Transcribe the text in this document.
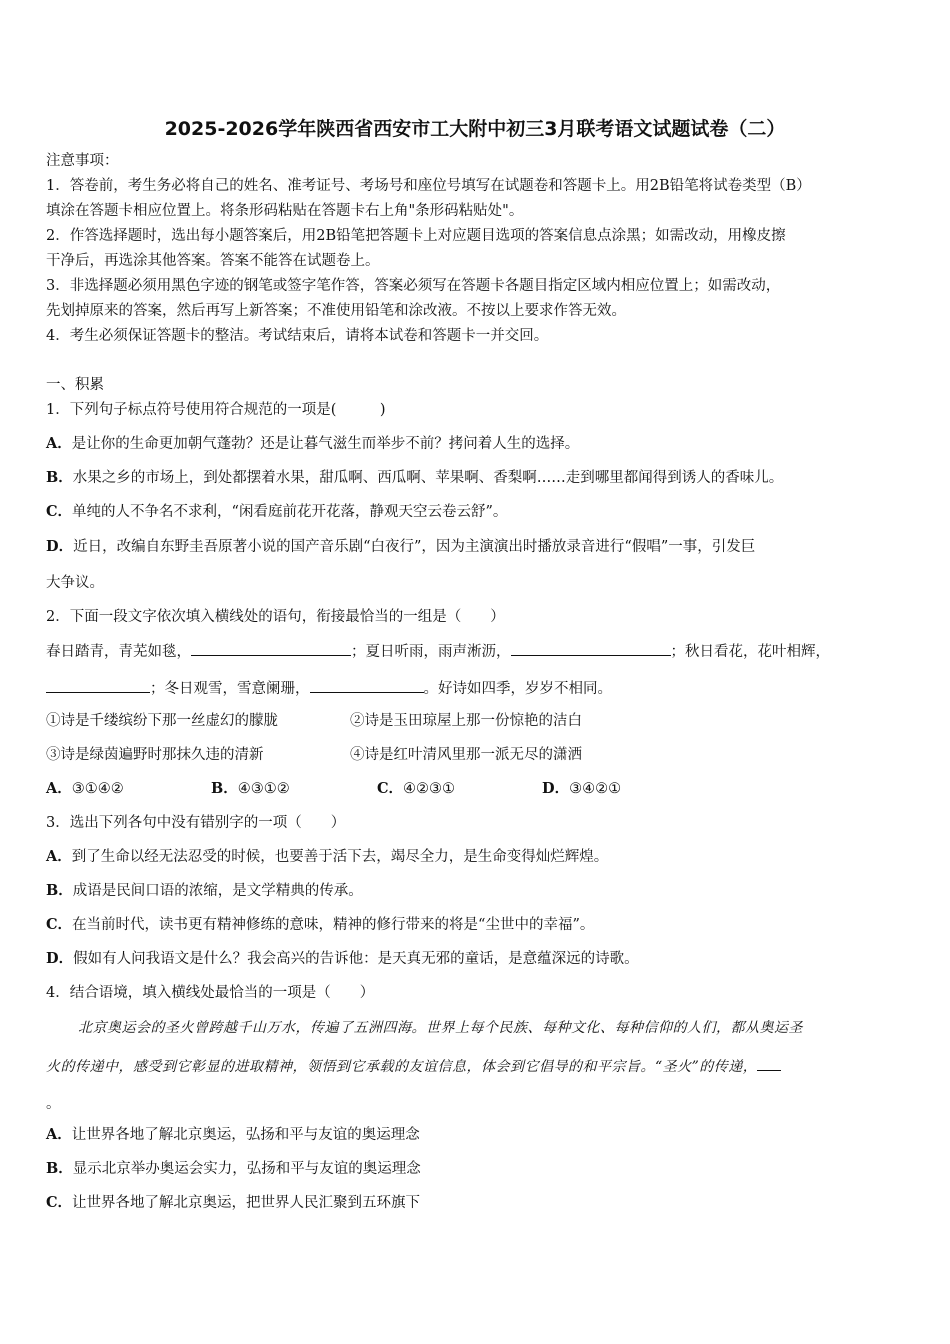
2025-2026学年陕西省西安市工大附中初三3月联考语文试题试卷（二）
注意事项：
1．答卷前，考生务必将自己的姓名、准考证号、考场号和座位号填写在试题卷和答题卡上。用2B铅笔将试卷类型（B）
填涂在答题卡相应位置上。将条形码粘贴在答题卡右上角"条形码粘贴处"。
2．作答选择题时，选出每小题答案后，用2B铅笔把答题卡上对应题目选项的答案信息点涂黑；如需改动，用橡皮擦
干净后，再选涂其他答案。答案不能答在试题卷上。
3．非选择题必须用黑色字迹的钢笔或签字笔作答，答案必须写在答题卡各题目指定区域内相应位置上；如需改动，
先划掉原来的答案，然后再写上新答案；不准使用铅笔和涂改液。不按以上要求作答无效。
4．考生必须保证答题卡的整洁。考试结束后，请将本试卷和答题卡一并交回。
一、积累
1．下列句子标点符号使用符合规范的一项是(　　　)
A．是让你的生命更加朝气蓬勃？还是让暮气滋生而举步不前？拷问着人生的选择。
B．水果之乡的市场上，到处都摆着水果，甜瓜啊、西瓜啊、苹果啊、香梨啊……走到哪里都闻得到诱人的香味儿。
C．单纯的人不争名不求利，“闲看庭前花开花落，静观天空云卷云舒”。
D．近日，改编自东野圭吾原著小说的国产音乐剧“白夜行”，因为主演演出时播放录音进行“假唱”一事，引发巨
大争议。
2．下面一段文字依次填入横线处的语句，衔接最恰当的一组是（　　）
春日踏青，青芜如毯，	；夏日听雨，雨声淅沥，	；秋日看花，花叶相辉，
；冬日观雪，雪意阑珊，	。好诗如四季，岁岁不相同。
①诗是千缕缤纷下那一丝虚幻的朦胧	②诗是玉田琼屋上那一份惊艳的洁白
③诗是绿茵遍野时那抹久违的清新	④诗是红叶清风里那一派无尽的潇洒
A．③①④②	B．④③①②	C．④②③①	D．③④②①
3．选出下列各句中没有错别字的一项（　　）
A．到了生命以经无法忍受的时候，也要善于活下去，竭尽全力，是生命变得灿烂辉煌。
B．成语是民间口语的浓缩，是文学精典的传承。
C．在当前时代，读书更有精神修练的意味，精神的修行带来的将是“尘世中的幸福”。
D．假如有人问我语文是什么？我会高兴的告诉他：是天真无邪的童话，是意蕴深远的诗歌。
4．结合语境，填入横线处最恰当的一项是（　　）
北京奥运会的圣火曾跨越千山万水，传遍了五洲四海。世界上每个民族、每种文化、每种信仰的人们，都从奥运圣
火的传递中，感受到它彰显的进取精神，领悟到它承载的友谊信息，体会到它倡导的和平宗旨。“圣火”的传递，
。
A．让世界各地了解北京奥运，弘扬和平与友谊的奥运理念
B．显示北京举办奥运会实力，弘扬和平与友谊的奥运理念
C．让世界各地了解北京奥运，把世界人民汇聚到五环旗下
